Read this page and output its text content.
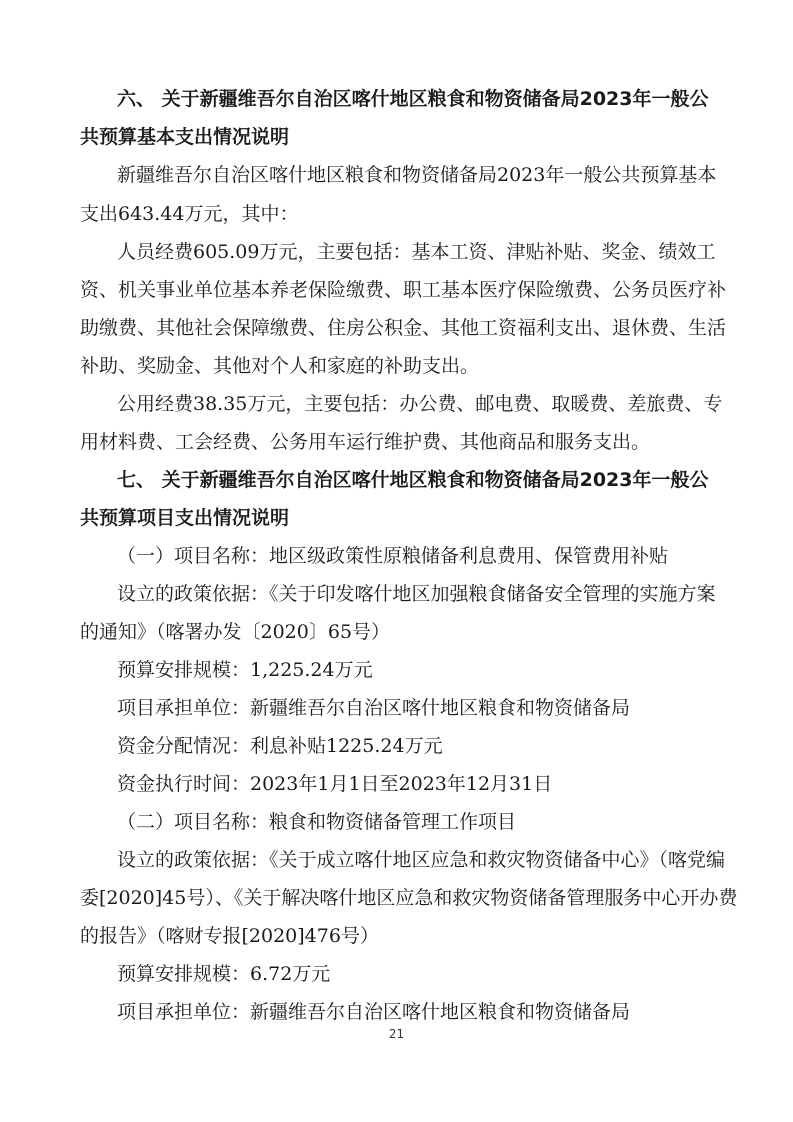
六、 关于新疆维吾尔自治区喀什地区粮食和物资储备局2023年一般公
共预算基本支出情况说明
新疆维吾尔自治区喀什地区粮食和物资储备局2023年一般公共预算基本
支出643.44万元，其中：
人员经费605.09万元，主要包括：基本工资、津贴补贴、奖金、绩效工
资、机关事业单位基本养老保险缴费、职工基本医疗保险缴费、公务员医疗补
助缴费、其他社会保障缴费、住房公积金、其他工资福利支出、退休费、生活
补助、奖励金、其他对个人和家庭的补助支出。
公用经费38.35万元，主要包括：办公费、邮电费、取暖费、差旅费、专
用材料费、工会经费、公务用车运行维护费、其他商品和服务支出。
七、 关于新疆维吾尔自治区喀什地区粮食和物资储备局2023年一般公
共预算项目支出情况说明
（一）项目名称：地区级政策性原粮储备利息费用、保管费用补贴
设立的政策依据：《关于印发喀什地区加强粮食储备安全管理的实施方案
的通知》（喀署办发〔2020〕65号）
预算安排规模：1,225.24万元
项目承担单位：新疆维吾尔自治区喀什地区粮食和物资储备局
资金分配情况：利息补贴1225.24万元
资金执行时间：2023年1月1日至2023年12月31日
（二）项目名称：粮食和物资储备管理工作项目
设立的政策依据：《关于成立喀什地区应急和救灾物资储备中心》（喀党编
委[2020]45号）、《关于解决喀什地区应急和救灾物资储备管理服务中心开办费
的报告》（喀财专报[2020]476号）
预算安排规模：6.72万元
项目承担单位：新疆维吾尔自治区喀什地区粮食和物资储备局
21
